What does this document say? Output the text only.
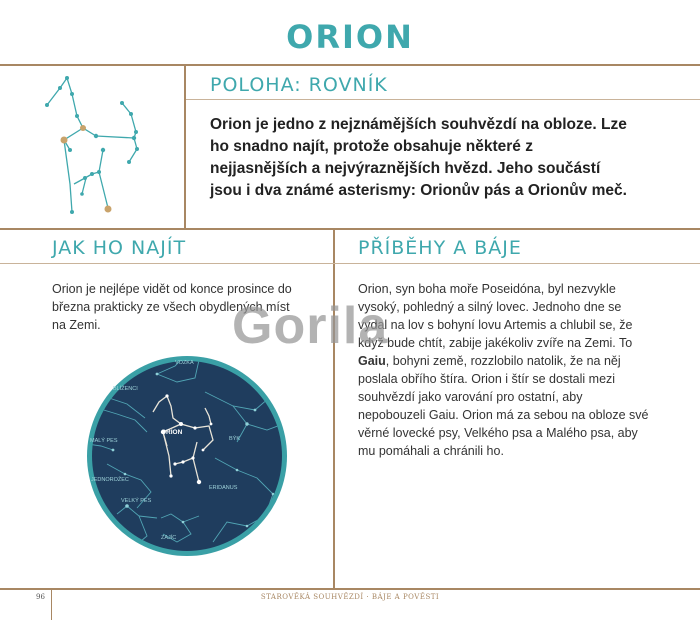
ORION
POLOHA: ROVNÍK
Orion je jedno z nejznámějších souhvězdí na obloze. Lze ho snadno najít, protože obsahuje některé z nejjasnějších a nejvýraznějších hvězd. Jeho součástí jsou i dva známé asterismy: Orionův pás a Orionův meč.
JAK HO NAJÍT	PŘÍBĚHY A BÁJE
Orion je nejlépe vidět od konce prosince do března prakticky ze všech obydlených míst na Zemi.
Orion, syn boha moře Poseidóna, byl nezvykle vysoký, pohledný a silný lovec. Jednoho dne se vydal na lov s bohyní lovu Artemis a chlubil se, že když bude chtít, zabije jakékoliv zvíře na Zemi. To Gaiu, bohyni země, rozzlobilo natolik, že na něj poslala obřího štíra. Orion i štír se dostali mezi souhvězdí jako varování pro ostatní, aby nepobouzeli Gaiu. Orion má za sebou na obloze své věrné lovecké psy, Velkého psa a Malého psa, aby mu pomáhali a chránili ho.
VOZKA
BLÍŽENCI
BÝK
MALÝ PES
JEDNOROŽEC
ERIDANUS
VELKÝ PES
ZAJÍC
ORION
Gorila
96	STAROVĚKÁ SOUHVĚZDÍ · BÁJE A POVĚSTI
